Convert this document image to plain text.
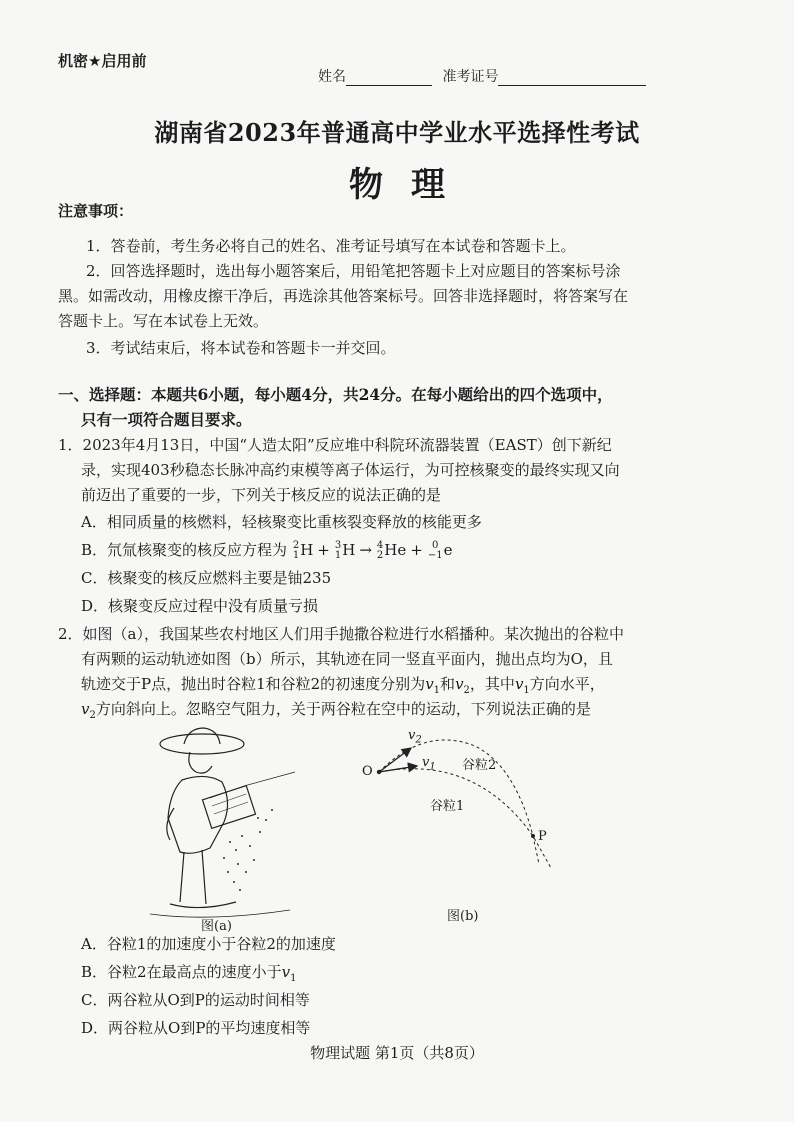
机密★启用前
姓名	准考证号
湖南省2023年普通高中学业水平选择性考试
物理
注意事项：
1．答卷前，考生务必将自己的姓名、准考证号填写在本试卷和答题卡上。
2．回答选择题时，选出每小题答案后，用铅笔把答题卡上对应题目的答案标号涂
黑。如需改动，用橡皮擦干净后，再选涂其他答案标号。回答非选择题时，将答案写在
答题卡上。写在本试卷上无效。
3．考试结束后，将本试卷和答题卡一并交回。
一、选择题：本题共6小题，每小题4分，共24分。在每小题给出的四个选项中，
只有一项符合题目要求。
1．2023年4月13日，中国“人造太阳”反应堆中科院环流器装置（EAST）创下新纪
录，实现403秒稳态长脉冲高约束模等离子体运行，为可控核聚变的最终实现又向
前迈出了重要的一步，下列关于核反应的说法正确的是
A．相同质量的核燃料，轻核聚变比重核裂变释放的核能更多
B．氘氚核聚变的核反应方程为 2
1H + 3
1H → 4
2He + 0
−1e
C．核聚变的核反应燃料主要是铀235
D．核聚变反应过程中没有质量亏损
2．如图（a），我国某些农村地区人们用手抛撒谷粒进行水稻播种。某次抛出的谷粒中
有两颗的运动轨迹如图（b）所示，其轨迹在同一竖直平面内，抛出点均为O，且
轨迹交于P点，抛出时谷粒1和谷粒2的初速度分别为$v_1$和$v_2$，其中$v_1$方向水平，
$v_2$方向斜向上。忽略空气阻力，关于两谷粒在空中的运动，下列说法正确的是
图(a)
O
P
$v_1$
$v_2$
谷粒2
谷粒1
图(b)
A．谷粒1的加速度小于谷粒2的加速度
B．谷粒2在最高点的速度小于$v_1$
C．两谷粒从O到P的运动时间相等
D．两谷粒从O到P的平均速度相等
物理试题 第1页（共8页）
